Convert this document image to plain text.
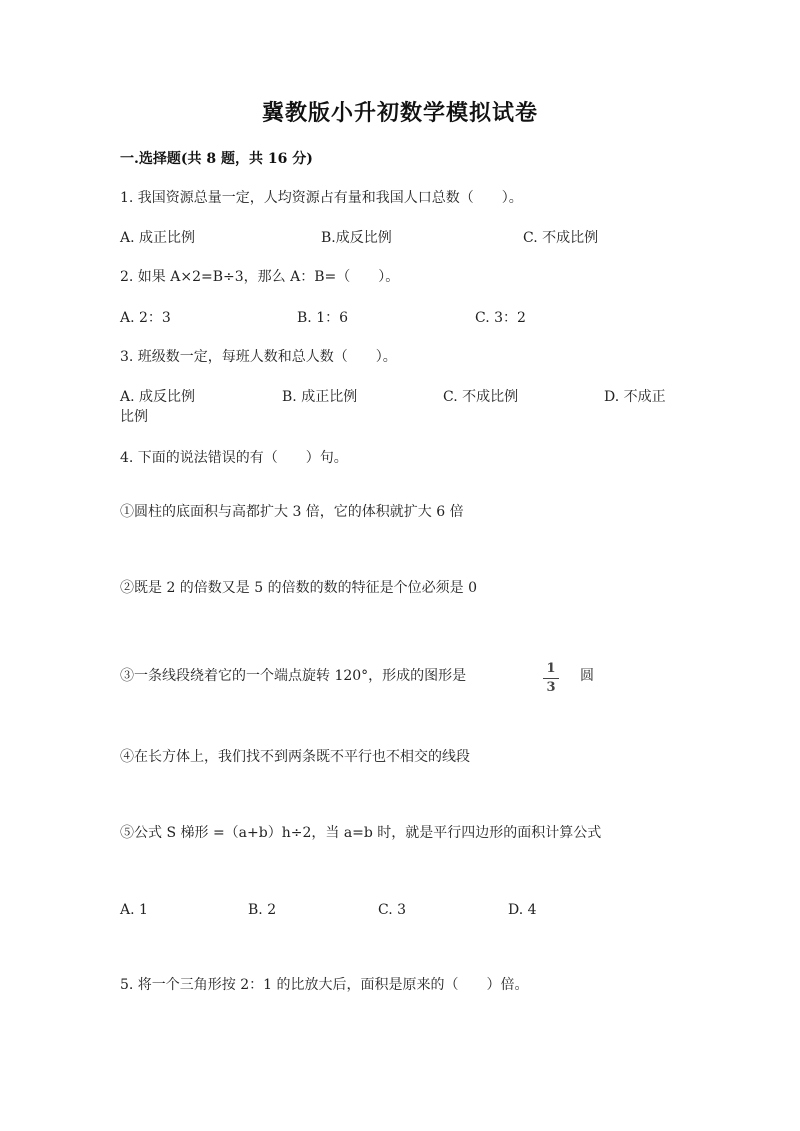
冀教版小升初数学模拟试卷
一.选择题(共 8 题，共 16 分)
1. 我国资源总量一定，人均资源占有量和我国人口总数（　　）。
A. 成正比例	B.成反比例	C. 不成比例
2. 如果 A×2=B÷3，那么 A：B=（　　）。
A. 2：3	B. 1：6	C. 3：2
3. 班级数一定，每班人数和总人数（　　）。
A. 成反比例	B. 成正比例	C. 不成比例	D. 不成正
比例
4. 下面的说法错误的有（　　）句。
①圆柱的底面积与高都扩大 3 倍，它的体积就扩大 6 倍
②既是 2 的倍数又是 5 的倍数的数的特征是个位必须是 0
③一条线段绕着它的一个端点旋转 120°，形成的图形是	1
3
圆
④在长方体上，我们找不到两条既不平行也不相交的线段
⑤公式 S 梯形 =（a+b）h÷2，当 a=b 时，就是平行四边形的面积计算公式
A. 1	B. 2	C. 3	D. 4
5. 将一个三角形按 2：1 的比放大后，面积是原来的（　　）倍。
